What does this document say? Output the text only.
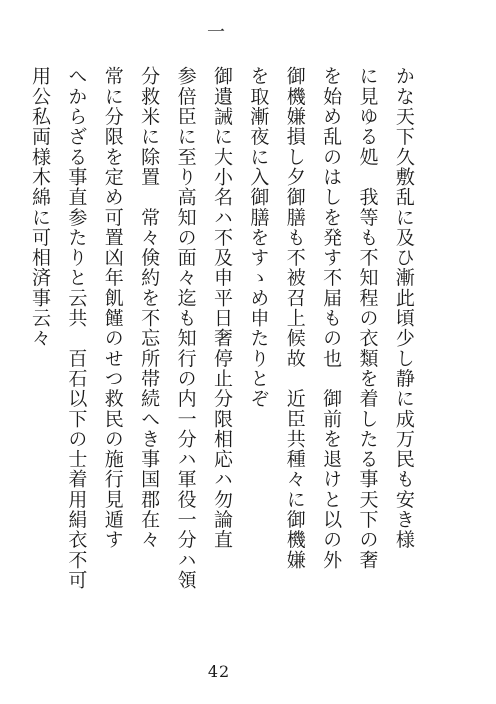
一
かな天下久敷乱に及ひ漸此頃少し静に成万民も安き様
に見ゆる処　我等も不知程の衣類を着したる事天下の奢
を始め乱のはしを発す不届もの也　御前を退けと以の外
御機嫌損し夕御膳も不被召上候故　近臣共種々に御機嫌
を取漸夜に入御膳をすゝめ申たりとぞ
御遺誡に大小名ハ不及申平日奢停止分限相応ハ勿論直
参倍臣に至り高知の面々迄も知行の内一分ハ軍役一分ハ領
分救米に除置　常々倹約を不忘所帯続へき事国郡在々
常に分限を定め可置凶年飢饉のせつ救民の施行見遁す
へからざる事直参たりと云共　百石以下の士着用絹衣不可
用公私両様木綿に可相済事云々
42
